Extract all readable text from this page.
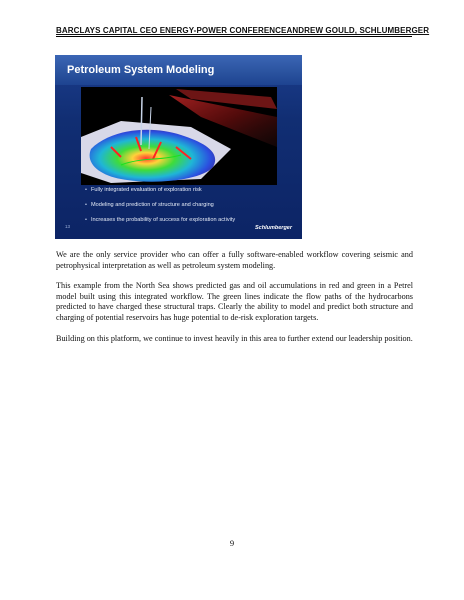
BARCLAYS CAPITAL CEO ENERGY-POWER CONFERENCE ANDREW GOULD, SCHLUMBERGER
Petroleum System Modeling
• Fully integrated evaluation of exploration risk
• Modeling and prediction of structure and charging
• Increases the probability of success for exploration activity
13	Schlumberger

We are the only service provider who can offer a fully software-enabled workflow covering seismic and petrophysical interpretation as well as petroleum system modeling.

This example from the North Sea shows predicted gas and oil accumulations in red and green in a Petrel model built using this integrated workflow. The green lines indicate the flow paths of the hydrocarbons predicted to have charged these structural traps. Clearly the ability to model and predict both structure and charging of potential reservoirs has huge potential to de-risk exploration targets.

Building on this platform, we continue to invest heavily in this area to further extend our leadership position.

9
